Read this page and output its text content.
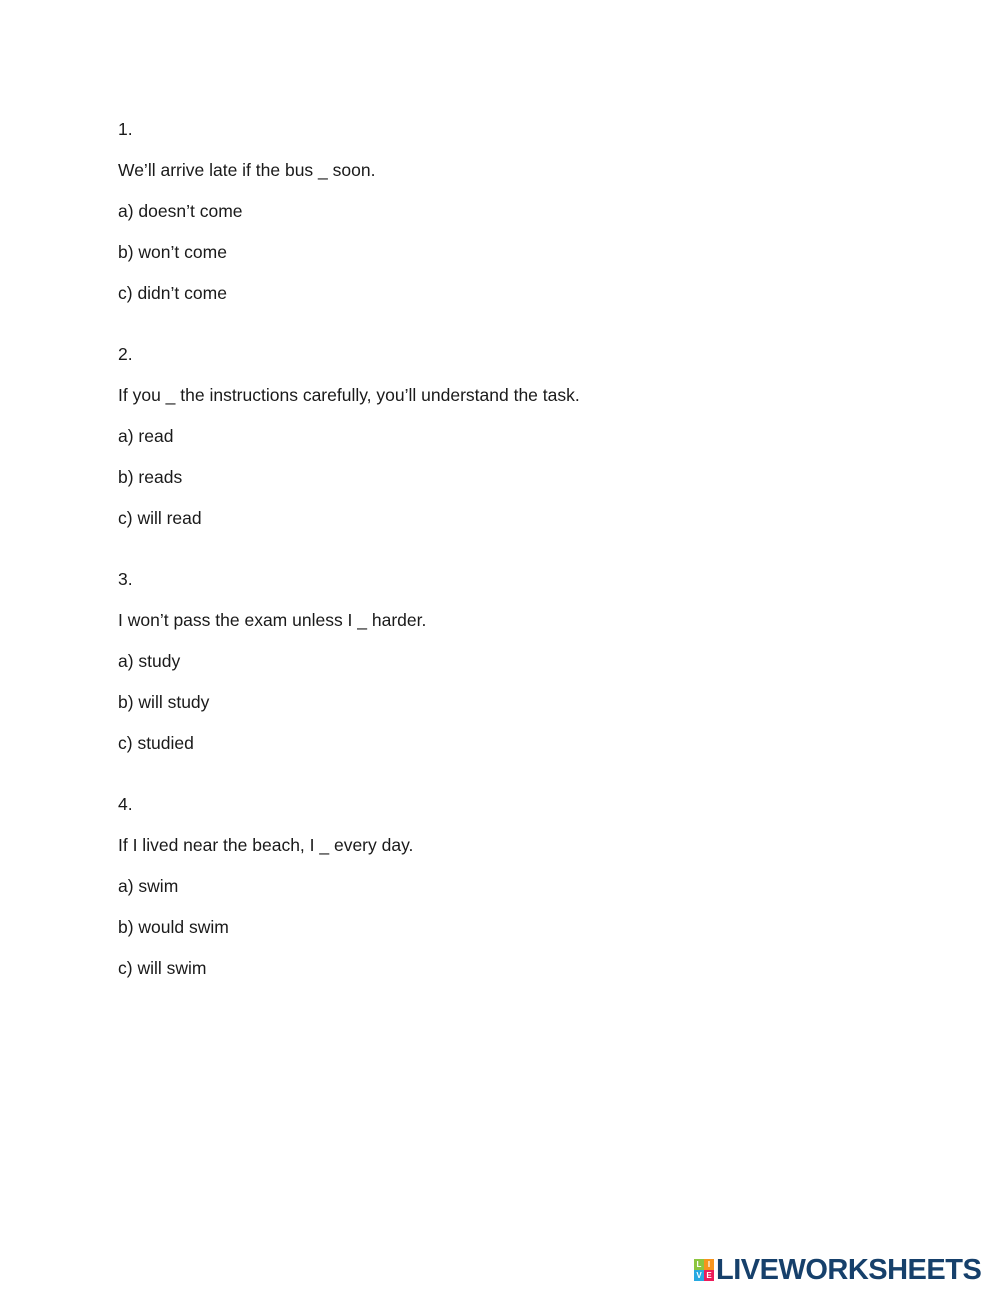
1.
We’ll arrive late if the bus _ soon.
a) doesn’t come
b) won’t come
c) didn’t come
2.
If you _ the instructions carefully, you’ll understand the task.
a) read
b) reads
c) will read
3.
I won’t pass the exam unless I _ harder.
a) study
b) will study
c) studied
4.
If I lived near the beach, I _ every day.
a) swim
b) would swim
c) will swim
L I
V E LIVEWORKSHEETS
